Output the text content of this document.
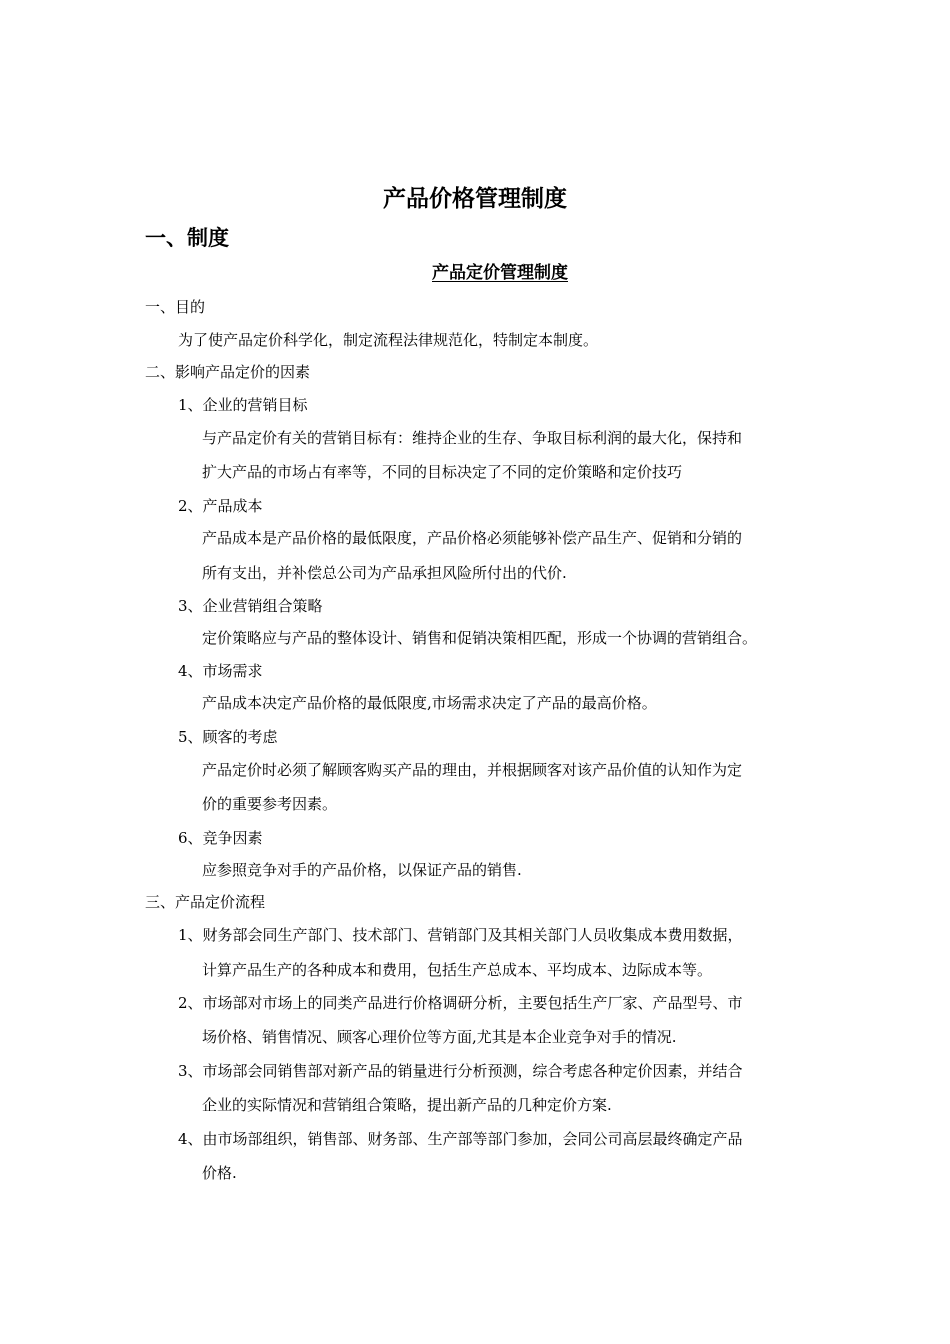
产品价格管理制度
一、制度
产品定价管理制度
一、目的
为了使产品定价科学化，制定流程法律规范化，特制定本制度。
二、影响产品定价的因素
1、企业的营销目标
与产品定价有关的营销目标有：维持企业的生存、争取目标利润的最大化，保持和
扩大产品的市场占有率等，不同的目标决定了不同的定价策略和定价技巧
2、产品成本
产品成本是产品价格的最低限度，产品价格必须能够补偿产品生产、促销和分销的
所有支出，并补偿总公司为产品承担风险所付出的代价.
3、企业营销组合策略
定价策略应与产品的整体设计、销售和促销决策相匹配，形成一个协调的营销组合。
4、市场需求
产品成本决定产品价格的最低限度,市场需求决定了产品的最高价格。
5、顾客的考虑
产品定价时必须了解顾客购买产品的理由，并根据顾客对该产品价值的认知作为定
价的重要参考因素。
6、竞争因素
应参照竞争对手的产品价格，以保证产品的销售.
三、产品定价流程
1、财务部会同生产部门、技术部门、营销部门及其相关部门人员收集成本费用数据，
计算产品生产的各种成本和费用，包括生产总成本、平均成本、边际成本等。
2、市场部对市场上的同类产品进行价格调研分析，主要包括生产厂家、产品型号、市
场价格、销售情况、顾客心理价位等方面,尤其是本企业竞争对手的情况.
3、市场部会同销售部对新产品的销量进行分析预测，综合考虑各种定价因素，并结合
企业的实际情况和营销组合策略，提出新产品的几种定价方案.
4、由市场部组织，销售部、财务部、生产部等部门参加，会同公司高层最终确定产品
价格.
